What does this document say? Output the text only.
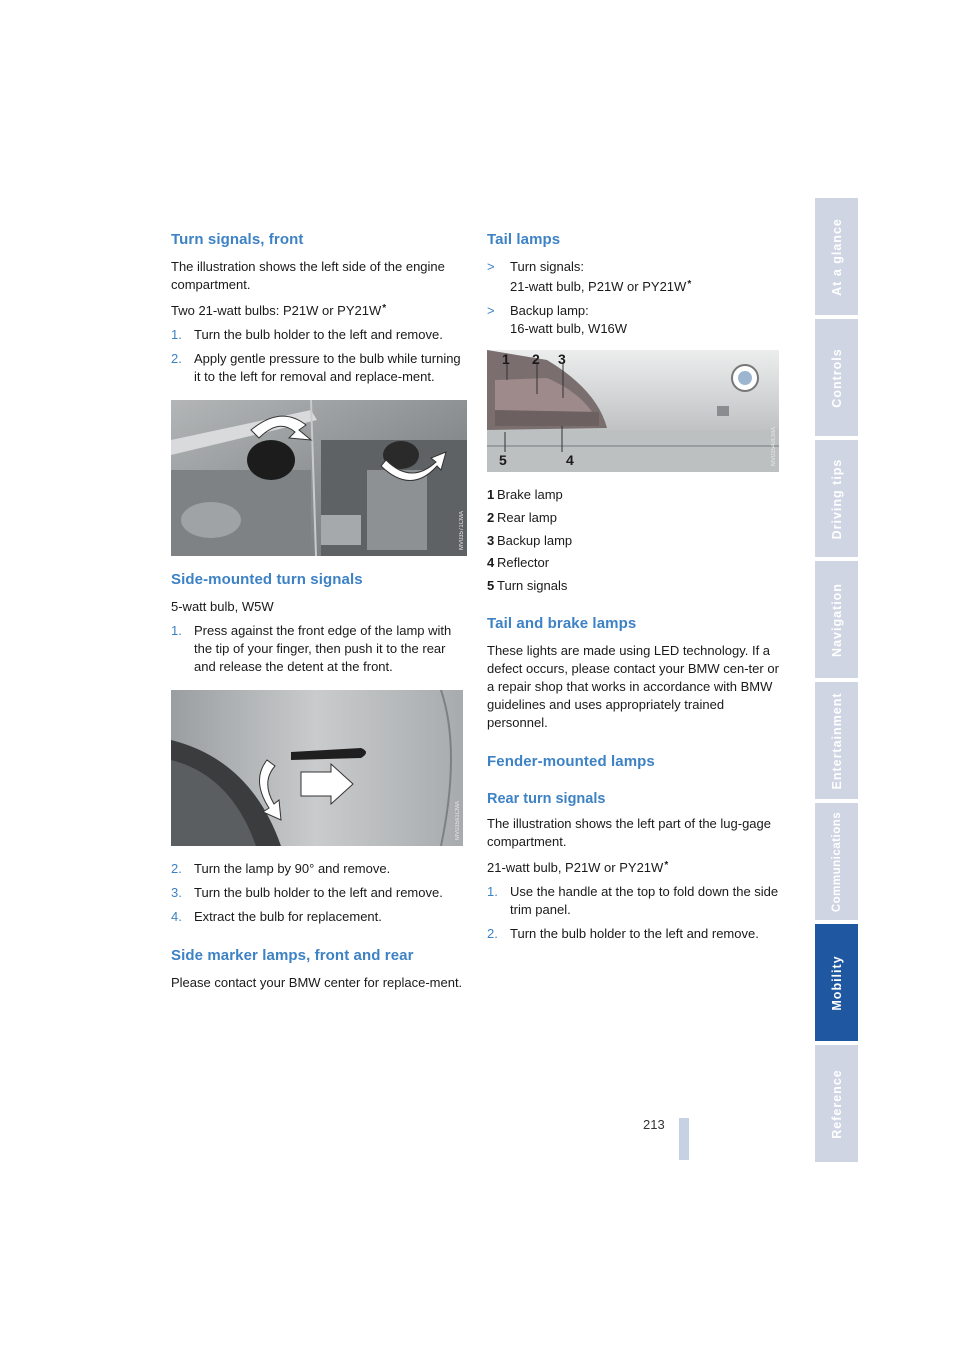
Turn signals, front

The illustration shows the left side of the engine compartment.

Two 21-watt bulbs: P21W or PY21W*

1. Turn the bulb holder to the left and remove.
2. Apply gentle pressure to the bulb while turning it to the left for removal and replace-ment.
MV03571CMA
Side-mounted turn signals

5-watt bulb, W5W

1. Press against the front edge of the lamp with the tip of your finger, then push it to the rear and release the detent at the front.
MV03591CMA
2. Turn the lamp by 90° and remove.
3. Turn the bulb holder to the left and remove.
4. Extract the bulb for replacement.
Side marker lamps, front and rear

Please contact your BMW center for replace-ment.

Tail lamps
>	Turn signals:
21-watt bulb, P21W or PY21W*
>	Backup lamp:
16-watt bulb, W16W
1 2 3
5	4	MV03540CMA
1 Brake lamp
2 Rear lamp
3 Backup lamp
4 Reflector
5 Turn signals
Tail and brake lamps

These lights are made using LED technology. If a defect occurs, please contact your BMW cen-ter or a repair shop that works in accordance with BMW guidelines and uses appropriately trained personnel.

Fender-mounted lamps
Rear turn signals

The illustration shows the left part of the lug-gage compartment.

21-watt bulb, P21W or PY21W*

1. Use the handle at the top to fold down the side trim panel.
2. Turn the bulb holder to the left and remove.
At a glance
Controls
Driving tips
Navigation
Entertainment
Communications
Mobility
Reference
213
